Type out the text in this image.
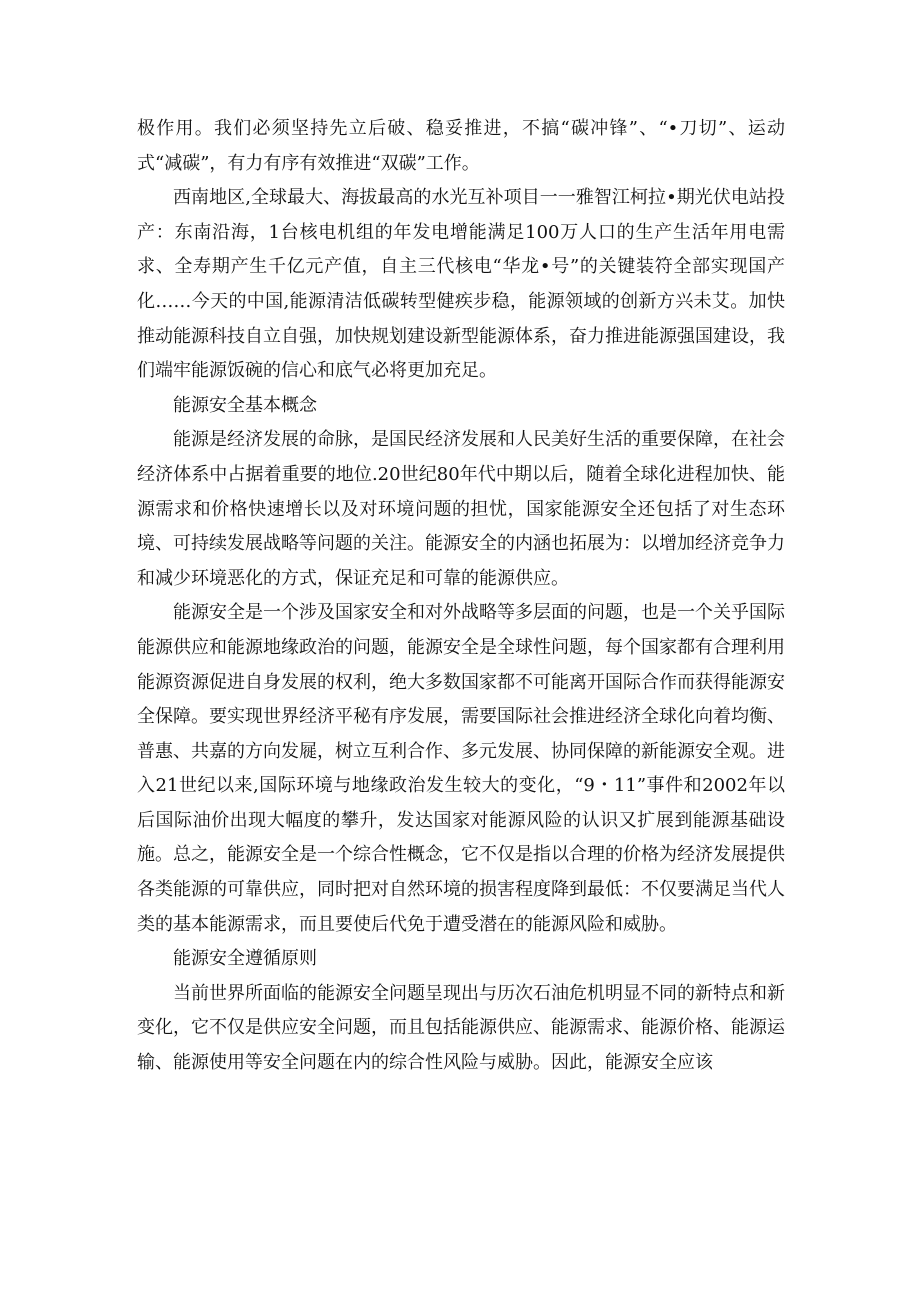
极作用。我们必须坚持先立后破、稳妥推进，不搞“碳冲锋”、“•刀切”、运动式“减碳”，有力有序有效推进“双碳”工作。

西南地区,全球最大、海拔最高的水光互补项目一一雅智江柯拉•期光伏电站投产：东南沿海，1台核电机组的年发电增能满足100万人口的生产生活年用电需求、全寿期产生千亿元产值，自主三代核电“华龙•号”的关键装符全部实现国产化……今天的中国,能源清洁低碳转型健疾步稳，能源领域的创新方兴未艾。加快推动能源科技自立自强，加快规划建设新型能源体系，奋力推进能源强国建设，我们端牢能源饭碗的信心和底气必将更加充足。

能源安全基本概念

能源是经济发展的命脉，是国民经济发展和人民美好生活的重要保障，在社会经济体系中占据着重要的地位.20世纪80年代中期以后，随着全球化进程加快、能源需求和价格快速增长以及对环境问题的担忧，国家能源安全还包括了对生态环境、可持续发展战略等问题的关注。能源安全的内涵也拓展为：以增加经济竞争力和减少环境恶化的方式，保证充足和可靠的能源供应。

能源安全是一个涉及国家安全和对外战略等多层面的问题，也是一个关乎国际能源供应和能源地缘政治的问题，能源安全是全球性问题，每个国家都有合理利用能源资源促进自身发展的权利，绝大多数国家都不可能离开国际合作而获得能源安全保障。要实现世界经济平秘有序发展，需要国际社会推进经济全球化向着均衡、普惠、共嘉的方向发屣，树立互利合作、多元发展、协同保障的新能源安全观。进入21世纪以来,国际环境与地缘政治发生较大的变化，“9・11”事件和2002年以后国际油价出现大幅度的攀升，发达国家对能源风险的认识又扩展到能源基础设施。总之，能源安全是一个综合性概念，它不仅是指以合理的价格为经济发展提供各类能源的可靠供应，同时把对自然环境的损害程度降到最低：不仅要满足当代人类的基本能源需求，而且要使后代免于遭受潜在的能源风险和威胁。

能源安全遵循原则

当前世界所面临的能源安全问题呈现出与历次石油危机明显不同的新特点和新变化，它不仅是供应安全问题，而且包括能源供应、能源需求、能源价格、能源运输、能源使用等安全问题在内的综合性风险与威胁。因此，能源安全应该
